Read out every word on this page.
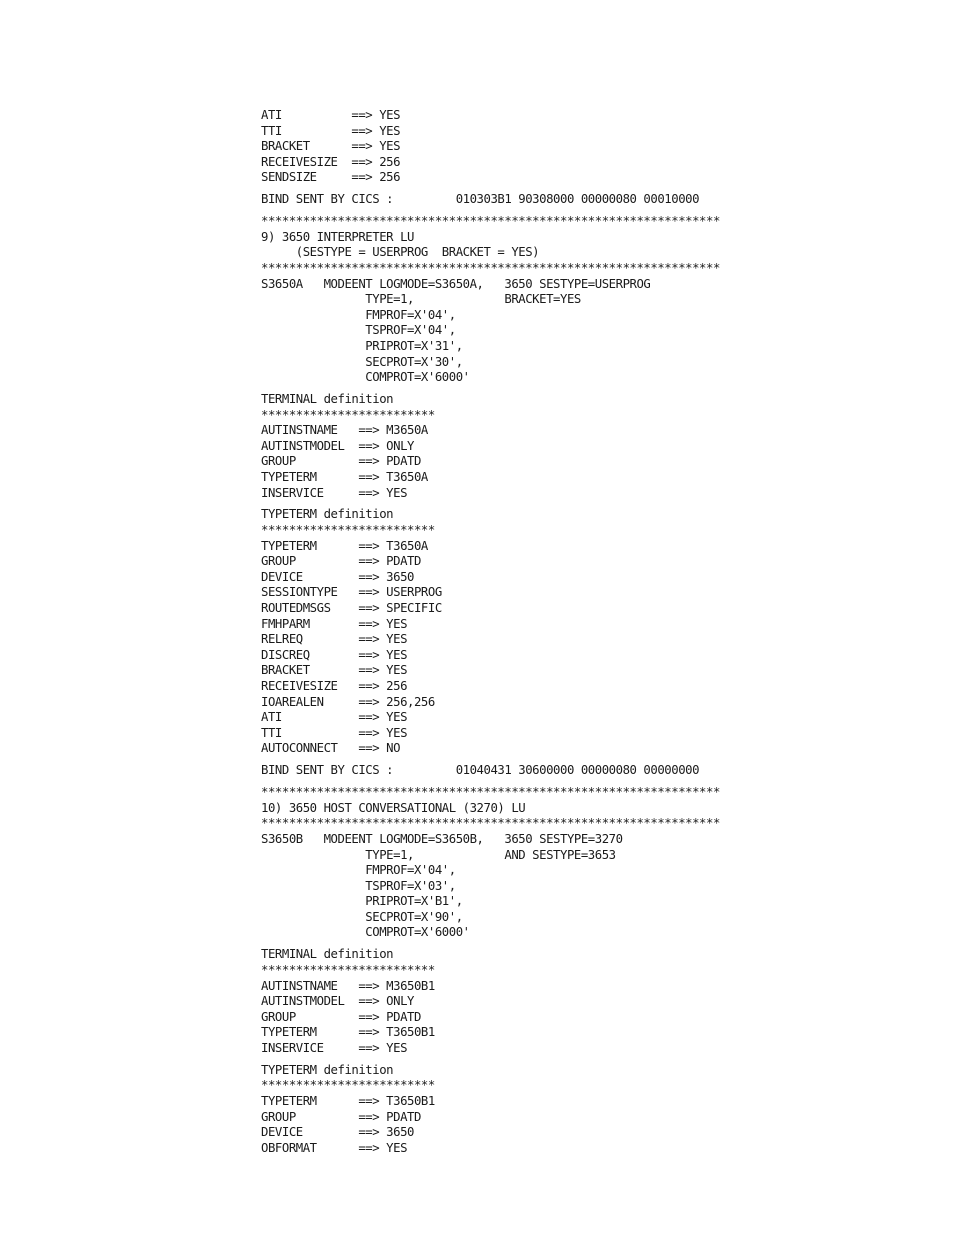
ATI          ==> YES
TTI          ==> YES
BRACKET      ==> YES
RECEIVESIZE  ==> 256
SENDSIZE     ==> 256
BIND SENT BY CICS :         010303B1 90308000 00000080 00010000
******************************************************************
9) 3650 INTERPRETER LU
(SESTYPE = USERPROG  BRACKET = YES)
******************************************************************
S3650A   MODEENT LOGMODE=S3650A,   3650 SESTYPE=USERPROG
TYPE=1,             BRACKET=YES
FMPROF=X'04',
TSPROF=X'04',
PRIPROT=X'31',
SECPROT=X'30',
COMPROT=X'6000'
TERMINAL definition
*************************
AUTINSTNAME   ==> M3650A
AUTINSTMODEL  ==> ONLY
GROUP         ==> PDATD
TYPETERM      ==> T3650A
INSERVICE     ==> YES
TYPETERM definition
*************************
TYPETERM      ==> T3650A
GROUP         ==> PDATD
DEVICE        ==> 3650
SESSIONTYPE   ==> USERPROG
ROUTEDMSGS    ==> SPECIFIC
FMHPARM       ==> YES
RELREQ        ==> YES
DISCREQ       ==> YES
BRACKET       ==> YES
RECEIVESIZE   ==> 256
IOAREALEN     ==> 256,256
ATI           ==> YES
TTI           ==> YES
AUTOCONNECT   ==> NO
BIND SENT BY CICS :         01040431 30600000 00000080 00000000
******************************************************************
10) 3650 HOST CONVERSATIONAL (3270) LU
******************************************************************
S3650B   MODEENT LOGMODE=S3650B,   3650 SESTYPE=3270
TYPE=1,             AND SESTYPE=3653
FMPROF=X'04',
TSPROF=X'03',
PRIPROT=X'B1',
SECPROT=X'90',
COMPROT=X'6000'
TERMINAL definition
*************************
AUTINSTNAME   ==> M3650B1
AUTINSTMODEL  ==> ONLY
GROUP         ==> PDATD
TYPETERM      ==> T3650B1
INSERVICE     ==> YES
TYPETERM definition
*************************
TYPETERM      ==> T3650B1
GROUP         ==> PDATD
DEVICE        ==> 3650
OBFORMAT      ==> YES
